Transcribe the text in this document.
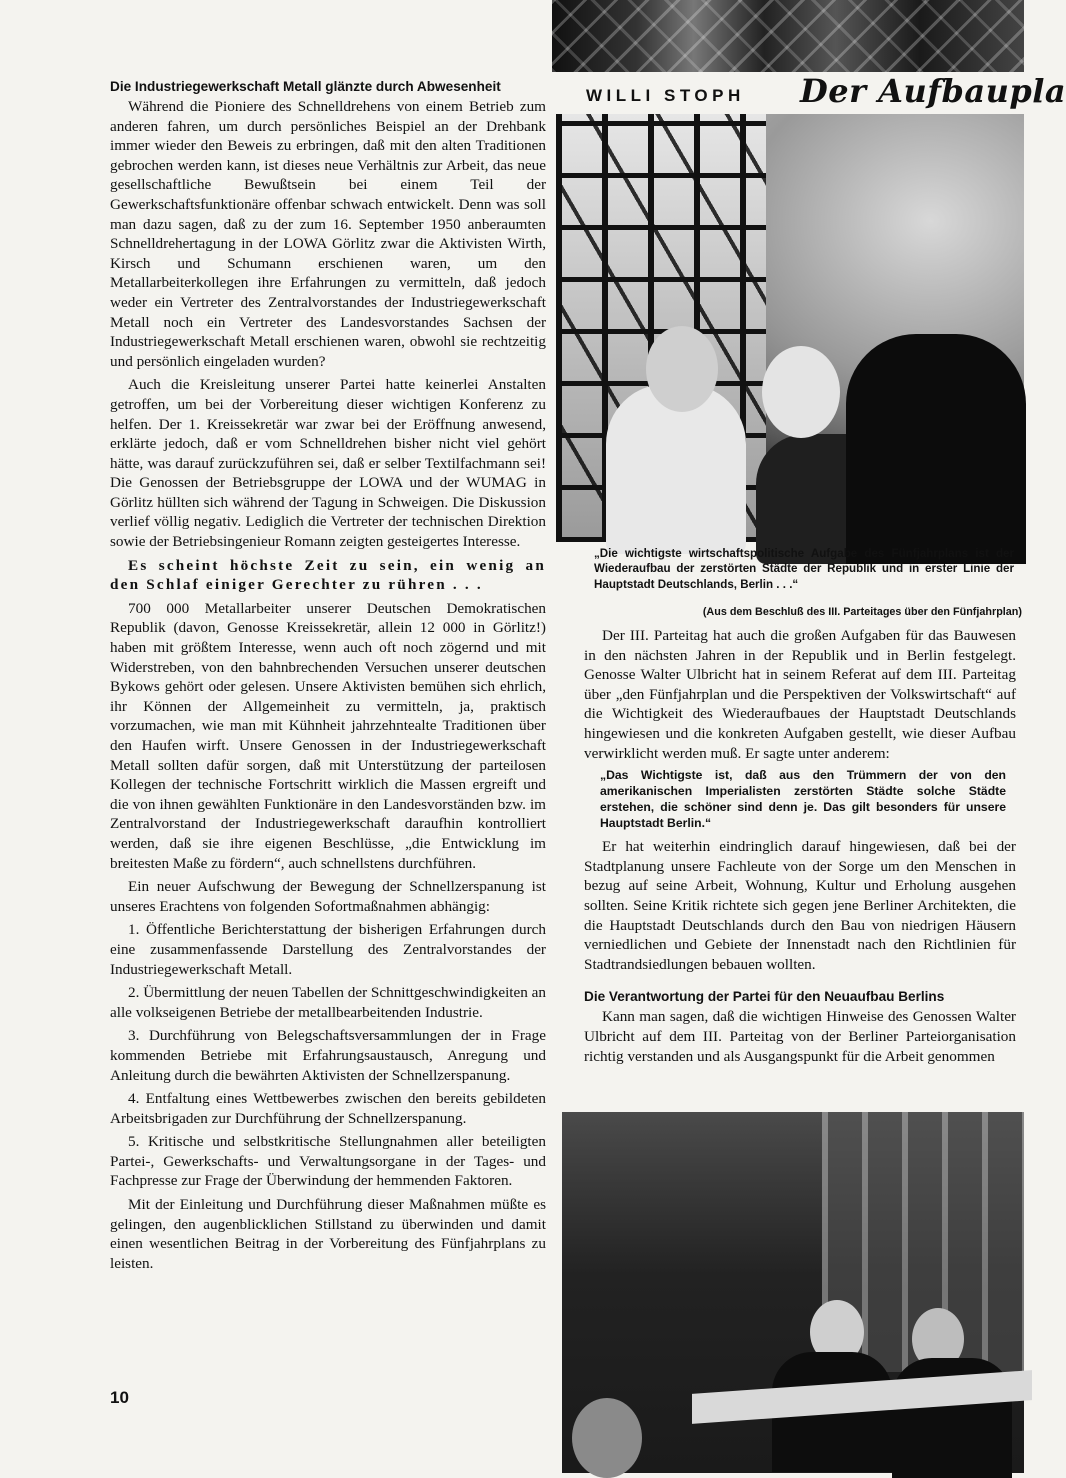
WILLI STOPH Der Aufbaupla
Die Industriegewerkschaft Metall glänzte durch Abwesenheit

Während die Pioniere des Schnelldrehens von einem Betrieb zum anderen fahren, um durch persönliches Beispiel an der Drehbank immer wieder den Beweis zu erbringen, daß mit den alten Traditionen gebrochen werden kann, ist dieses neue Verhältnis zur Arbeit, das neue gesellschaftliche Bewußtsein bei einem Teil der Gewerkschaftsfunktionäre offenbar schwach entwickelt. Denn was soll man dazu sagen, daß zu der zum 16. September 1950 anberaumten Schnelldrehertagung in der LOWA Görlitz zwar die Aktivisten Wirth, Kirsch und Schumann erschienen waren, um den Metallarbeiterkollegen ihre Erfahrungen zu vermitteln, daß jedoch weder ein Vertreter des Zentralvorstandes der Industriegewerkschaft Metall noch ein Vertreter des Landesvorstandes Sachsen der Industriegewerkschaft Metall erschienen waren, obwohl sie rechtzeitig und persönlich eingeladen wurden?

Auch die Kreisleitung unserer Partei hatte keinerlei Anstalten getroffen, um bei der Vorbereitung dieser wichtigen Konferenz zu helfen. Der 1. Kreissekretär war zwar bei der Eröffnung anwesend, erklärte jedoch, daß er vom Schnelldrehen bisher nicht viel gehört hätte, was darauf zurückzuführen sei, daß er selber Textilfachmann sei! Die Genossen der Betriebsgruppe der LOWA und der WUMAG in Görlitz hüllten sich während der Tagung in Schweigen. Die Diskussion verlief völlig negativ. Lediglich die Vertreter der technischen Direktion sowie der Betriebsingenieur Romann zeigten gesteigertes Interesse.

Es scheint höchste Zeit zu sein, ein wenig an den Schlaf einiger Gerechter zu rühren . . .

700 000 Metallarbeiter unserer Deutschen Demokratischen Republik (davon, Genosse Kreissekretär, allein 12 000 in Görlitz!) haben mit größtem Interesse, wenn auch oft noch zögernd und mit Widerstreben, von den bahnbrechenden Versuchen unserer deutschen Bykows gehört oder gelesen. Unsere Aktivisten bemühen sich ehrlich, ihr Können der Allgemeinheit zu vermitteln, ja, praktisch vorzumachen, wie man mit Kühnheit jahrzehntealte Traditionen über den Haufen wirft. Unsere Genossen in der Industriegewerkschaft Metall sollten dafür sorgen, daß mit Unterstützung der parteilosen Kollegen der technische Fortschritt wirklich die Massen ergreift und die von ihnen gewählten Funktionäre in den Landesvorständen bzw. im Zentralvorstand der Industriegewerkschaft daraufhin kontrolliert werden, daß sie ihre eigenen Beschlüsse, „die Entwicklung im breitesten Maße zu fördern“, auch schnellstens durchführen.

Ein neuer Aufschwung der Bewegung der Schnellzerspanung ist unseres Erachtens von folgenden Sofortmaßnahmen abhängig:

1. Öffentliche Berichterstattung der bisherigen Erfahrungen durch eine zusammenfassende Darstellung des Zentralvorstandes der Industriegewerkschaft Metall.

2. Übermittlung der neuen Tabellen der Schnittgeschwindigkeiten an alle volkseigenen Betriebe der metallbearbeitenden Industrie.

3. Durchführung von Belegschaftsversammlungen der in Frage kommenden Betriebe mit Erfahrungsaustausch, Anregung und Anleitung durch die bewährten Aktivisten der Schnellzerspanung.

4. Entfaltung eines Wettbewerbes zwischen den bereits gebildeten Arbeitsbrigaden zur Durchführung der Schnellzerspanung.

5. Kritische und selbstkritische Stellungnahmen aller beteiligten Partei-, Gewerkschafts- und Verwaltungsorgane in der Tages- und Fachpresse zur Frage der Überwindung der hemmenden Faktoren.

Mit der Einleitung und Durchführung dieser Maßnahmen müßte es gelingen, den augenblicklichen Stillstand zu überwinden und damit einen wesentlichen Beitrag in der Vorbereitung des Fünfjahrplans zu leisten.

„Die wichtigste wirtschaftspolitische Aufgabe des Fünfjahrplans ist der Wiederaufbau der zerstörten Städte der Republik und in erster Linie der Hauptstadt Deutschlands, Berlin . . .“
(Aus dem Beschluß des III. Parteitages über den Fünfjahrplan)

Der III. Parteitag hat auch die großen Aufgaben für das Bauwesen in den nächsten Jahren in der Republik und in Berlin festgelegt. Genosse Walter Ulbricht hat in seinem Referat auf dem III. Parteitag über „den Fünfjahrplan und die Perspektiven der Volkswirtschaft“ auf die Wichtigkeit des Wiederaufbaues der Hauptstadt Deutschlands hingewiesen und die konkreten Aufgaben gestellt, wie dieser Aufbau verwirklicht werden muß. Er sagte unter anderem:

„Das Wichtigste ist, daß aus den Trümmern der von den amerikanischen Imperialisten zerstörten Städte solche Städte erstehen, die schöner sind denn je. Das gilt besonders für unsere Hauptstadt Berlin.“

Er hat weiterhin eindringlich darauf hingewiesen, daß bei der Stadtplanung unsere Fachleute von der Sorge um den Menschen in bezug auf seine Arbeit, Wohnung, Kultur und Erholung ausgehen sollten. Seine Kritik richtete sich gegen jene Berliner Architekten, die die Hauptstadt Deutschlands durch den Bau von niedrigen Häusern verniedlichen und Gebiete der Innenstadt nach den Richtlinien für Stadtrandsiedlungen bebauen wollten.

Die Verantwortung der Partei für den Neuaufbau Berlins

Kann man sagen, daß die wichtigen Hinweise des Genossen Walter Ulbricht auf dem III. Parteitag von der Berliner Parteiorganisation richtig verstanden und als Ausgangspunkt für die Arbeit genommen

10
